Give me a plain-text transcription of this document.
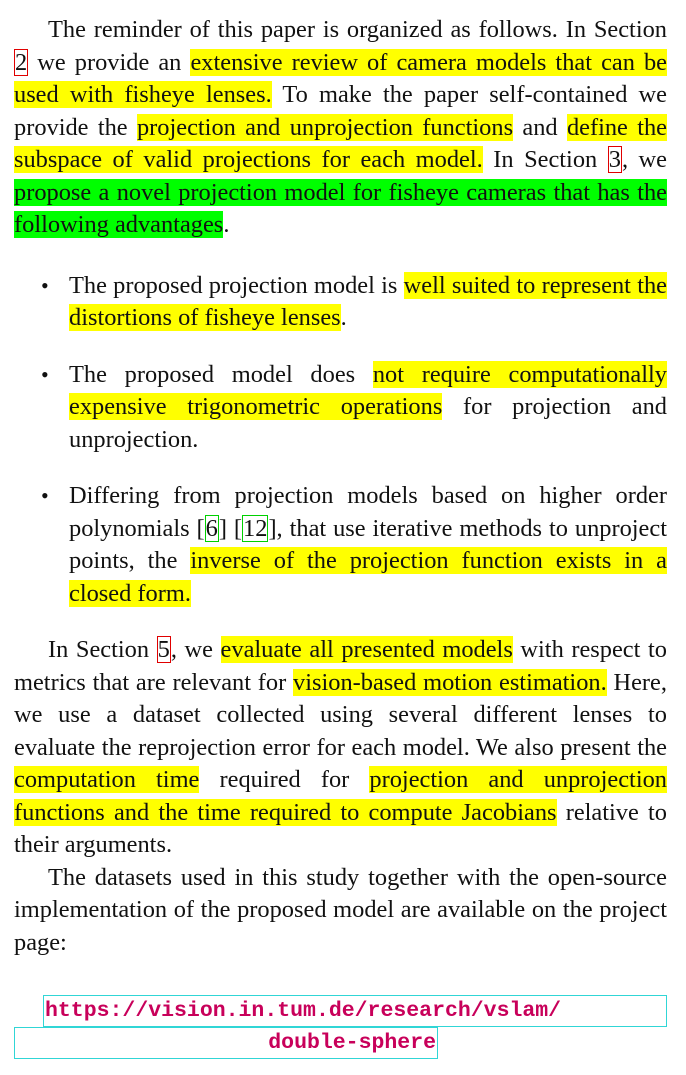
The reminder of this paper is organized as follows. In Section 2 we provide an extensive review of camera models that can be used with fisheye lenses. To make the paper self-contained we provide the projection and unprojection functions and define the subspace of valid projections for each model. In Section 3, we propose a novel projection model for fisheye cameras that has the following advantages.

• The proposed projection model is well suited to represent the distortions of fisheye lenses.
• The proposed model does not require computationally expensive trigonometric operations for projection and unprojection.
• Differing from projection models based on higher order polynomials [6] [12], that use iterative methods to unproject points, the inverse of the projection function exists in a closed form.

In Section 5, we evaluate all presented models with respect to metrics that are relevant for vision-based motion estimation. Here, we use a dataset collected using several different lenses to evaluate the reprojection error for each model. We also present the computation time required for projection and unprojection functions and the time required to compute Jacobians relative to their arguments.

The datasets used in this study together with the open-source implementation of the proposed model are available on the project page:

https://vision.in.tum.de/research/vslam/
double-sphere
